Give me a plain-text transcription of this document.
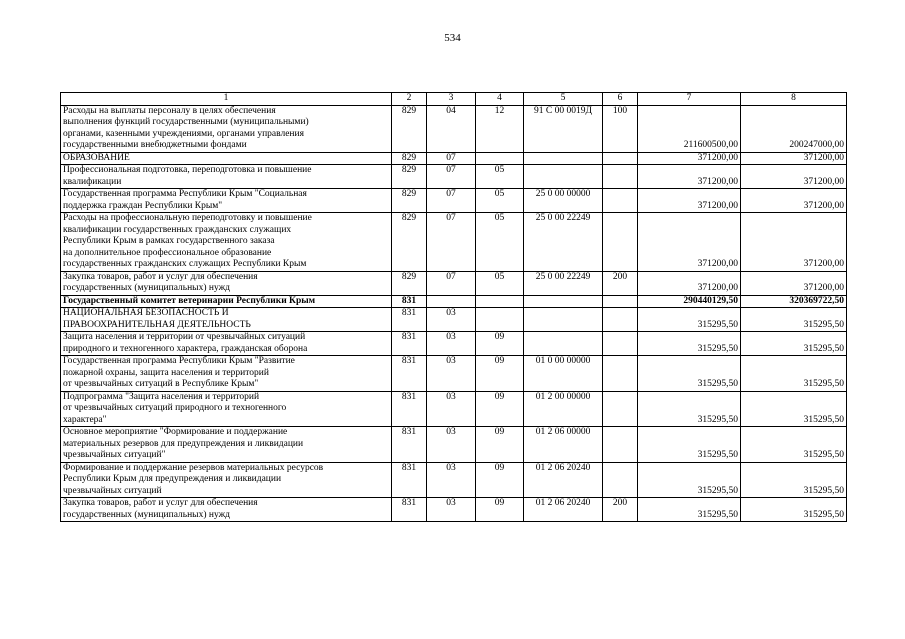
534
1	2	3	4	5	6	7	8
Расходы на выплаты персоналу в целях обеспечения
выполнения функций государственными (муниципальными)
органами, казенными учреждениями, органами управления
государственными внебюджетными фондами	829	04	12	91 С 00 0019Д	100	211600500,00	200247000,00
ОБРАЗОВАНИЕ	829	07				371200,00	371200,00
Профессиональная подготовка, переподготовка и повышение
квалификации	829	07	05			371200,00	371200,00
Государственная программа Республики Крым "Социальная
поддержка граждан Республики Крым"	829	07	05	25 0 00 00000		371200,00	371200,00
Расходы на профессиональную переподготовку и повышение
квалификации государственных гражданских служащих
Республики Крым в рамках государственного заказа
на дополнительное профессиональное образование
государственных гражданских служащих Республики Крым	829	07	05	25 0 00 22249		371200,00	371200,00
Закупка товаров, работ и услуг для обеспечения
государственных (муниципальных) нужд	829	07	05	25 0 00 22249	200	371200,00	371200,00
Государственный комитет ветеринарии Республики Крым	831					290440129,50	320369722,50
НАЦИОНАЛЬНАЯ БЕЗОПАСНОСТЬ И
ПРАВООХРАНИТЕЛЬНАЯ ДЕЯТЕЛЬНОСТЬ	831	03				315295,50	315295,50
Защита населения и территории от чрезвычайных ситуаций
природного и техногенного характера, гражданская оборона	831	03	09			315295,50	315295,50
Государственная программа Республики Крым "Развитие
пожарной охраны, защита населения и территорий
от чрезвычайных ситуаций в Республике Крым"	831	03	09	01 0 00 00000		315295,50	315295,50
Подпрограмма "Защита населения и территорий
от чрезвычайных ситуаций природного и техногенного
характера"	831	03	09	01 2 00 00000		315295,50	315295,50
Основное мероприятие "Формирование и поддержание
материальных резервов для предупреждения и ликвидации
чрезвычайных ситуаций"	831	03	09	01 2 06 00000		315295,50	315295,50
Формирование и поддержание резервов материальных ресурсов
Республики Крым для предупреждения и ликвидации
чрезвычайных ситуаций	831	03	09	01 2 06 20240		315295,50	315295,50
Закупка товаров, работ и услуг для обеспечения
государственных (муниципальных) нужд	831	03	09	01 2 06 20240	200	315295,50	315295,50
